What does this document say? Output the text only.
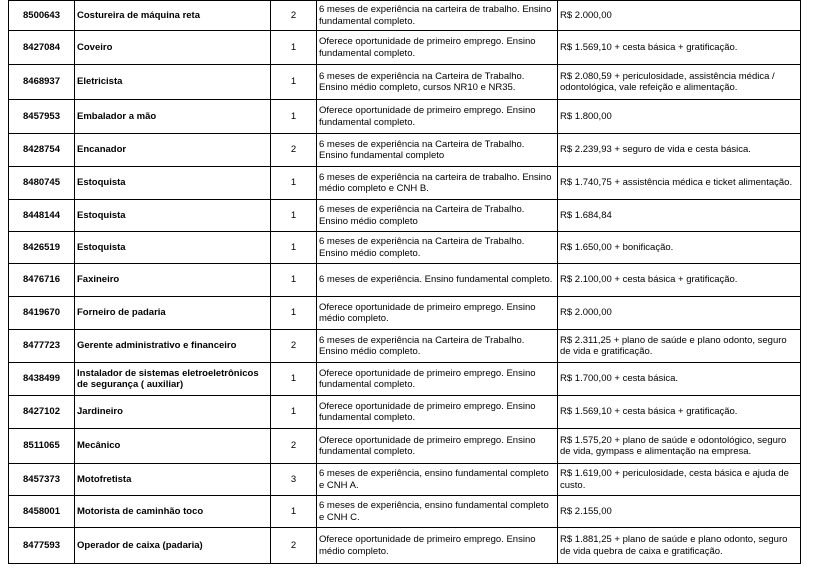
8500643	Costureira de máquina reta	2	6 meses de experiência na carteira de trabalho. Ensino fundamental completo.	R$ 2.000,00
8427084	Coveiro	1	Oferece oportunidade de primeiro emprego. Ensino fundamental completo.	R$ 1.569,10 + cesta básica + gratificação.
8468937	Eletricista	1	6 meses de experiência na Carteira de Trabalho. Ensino médio completo, cursos NR10 e NR35.	R$ 2.080,59 + periculosidade, assistência médica / odontológica, vale refeição e alimentação.
8457953	Embalador a mão	1	Oferece oportunidade de primeiro emprego. Ensino fundamental completo.	R$ 1.800,00
8428754	Encanador	2	6 meses de experiência na Carteira de Trabalho. Ensino fundamental completo	R$ 2.239,93 + seguro de vida e cesta básica.
8480745	Estoquista	1	6 meses de experiência na carteira de trabalho. Ensino médio completo e CNH B.	R$ 1.740,75 + assistência médica e ticket alimentação.
8448144	Estoquista	1	6 meses de experiência na Carteira de Trabalho. Ensino médio completo	R$ 1.684,84
8426519	Estoquista	1	6 meses de experiência na Carteira de Trabalho. Ensino médio completo.	R$ 1.650,00 + bonificação.
8476716	Faxineiro	1	6 meses de experiência. Ensino fundamental completo.	R$ 2.100,00 + cesta básica + gratificação.
8419670	Forneiro de padaria	1	Oferece oportunidade de primeiro emprego. Ensino médio completo.	R$ 2.000,00
8477723	Gerente administrativo e financeiro	2	6 meses de experiência na Carteira de Trabalho. Ensino médio completo.	R$ 2.311,25 + plano de saúde e plano odonto, seguro de vida e gratificação.
8438499	Instalador de sistemas eletroeletrônicos de segurança ( auxiliar)	1	Oferece oportunidade de primeiro emprego. Ensino fundamental completo.	R$ 1.700,00 + cesta básica.
8427102	Jardineiro	1	Oferece oportunidade de primeiro emprego. Ensino fundamental completo.	R$ 1.569,10 + cesta básica + gratificação.
8511065	Mecânico	2	Oferece oportunidade de primeiro emprego. Ensino fundamental completo.	R$ 1.575,20 + plano de saúde e odontológico, seguro de vida, gympass e alimentação na empresa.
8457373	Motofretista	3	6 meses de experiência, ensino fundamental completo e CNH A.	R$ 1.619,00 + periculosidade, cesta básica e ajuda de custo.
8458001	Motorista de caminhão toco	1	6 meses de experiência, ensino fundamental completo e CNH C.	R$ 2.155,00
8477593	Operador de caixa (padaria)	2	Oferece oportunidade de primeiro emprego. Ensino médio completo.	R$ 1.881,25 + plano de saúde e plano odonto, seguro de vida quebra de caixa e gratificação.
